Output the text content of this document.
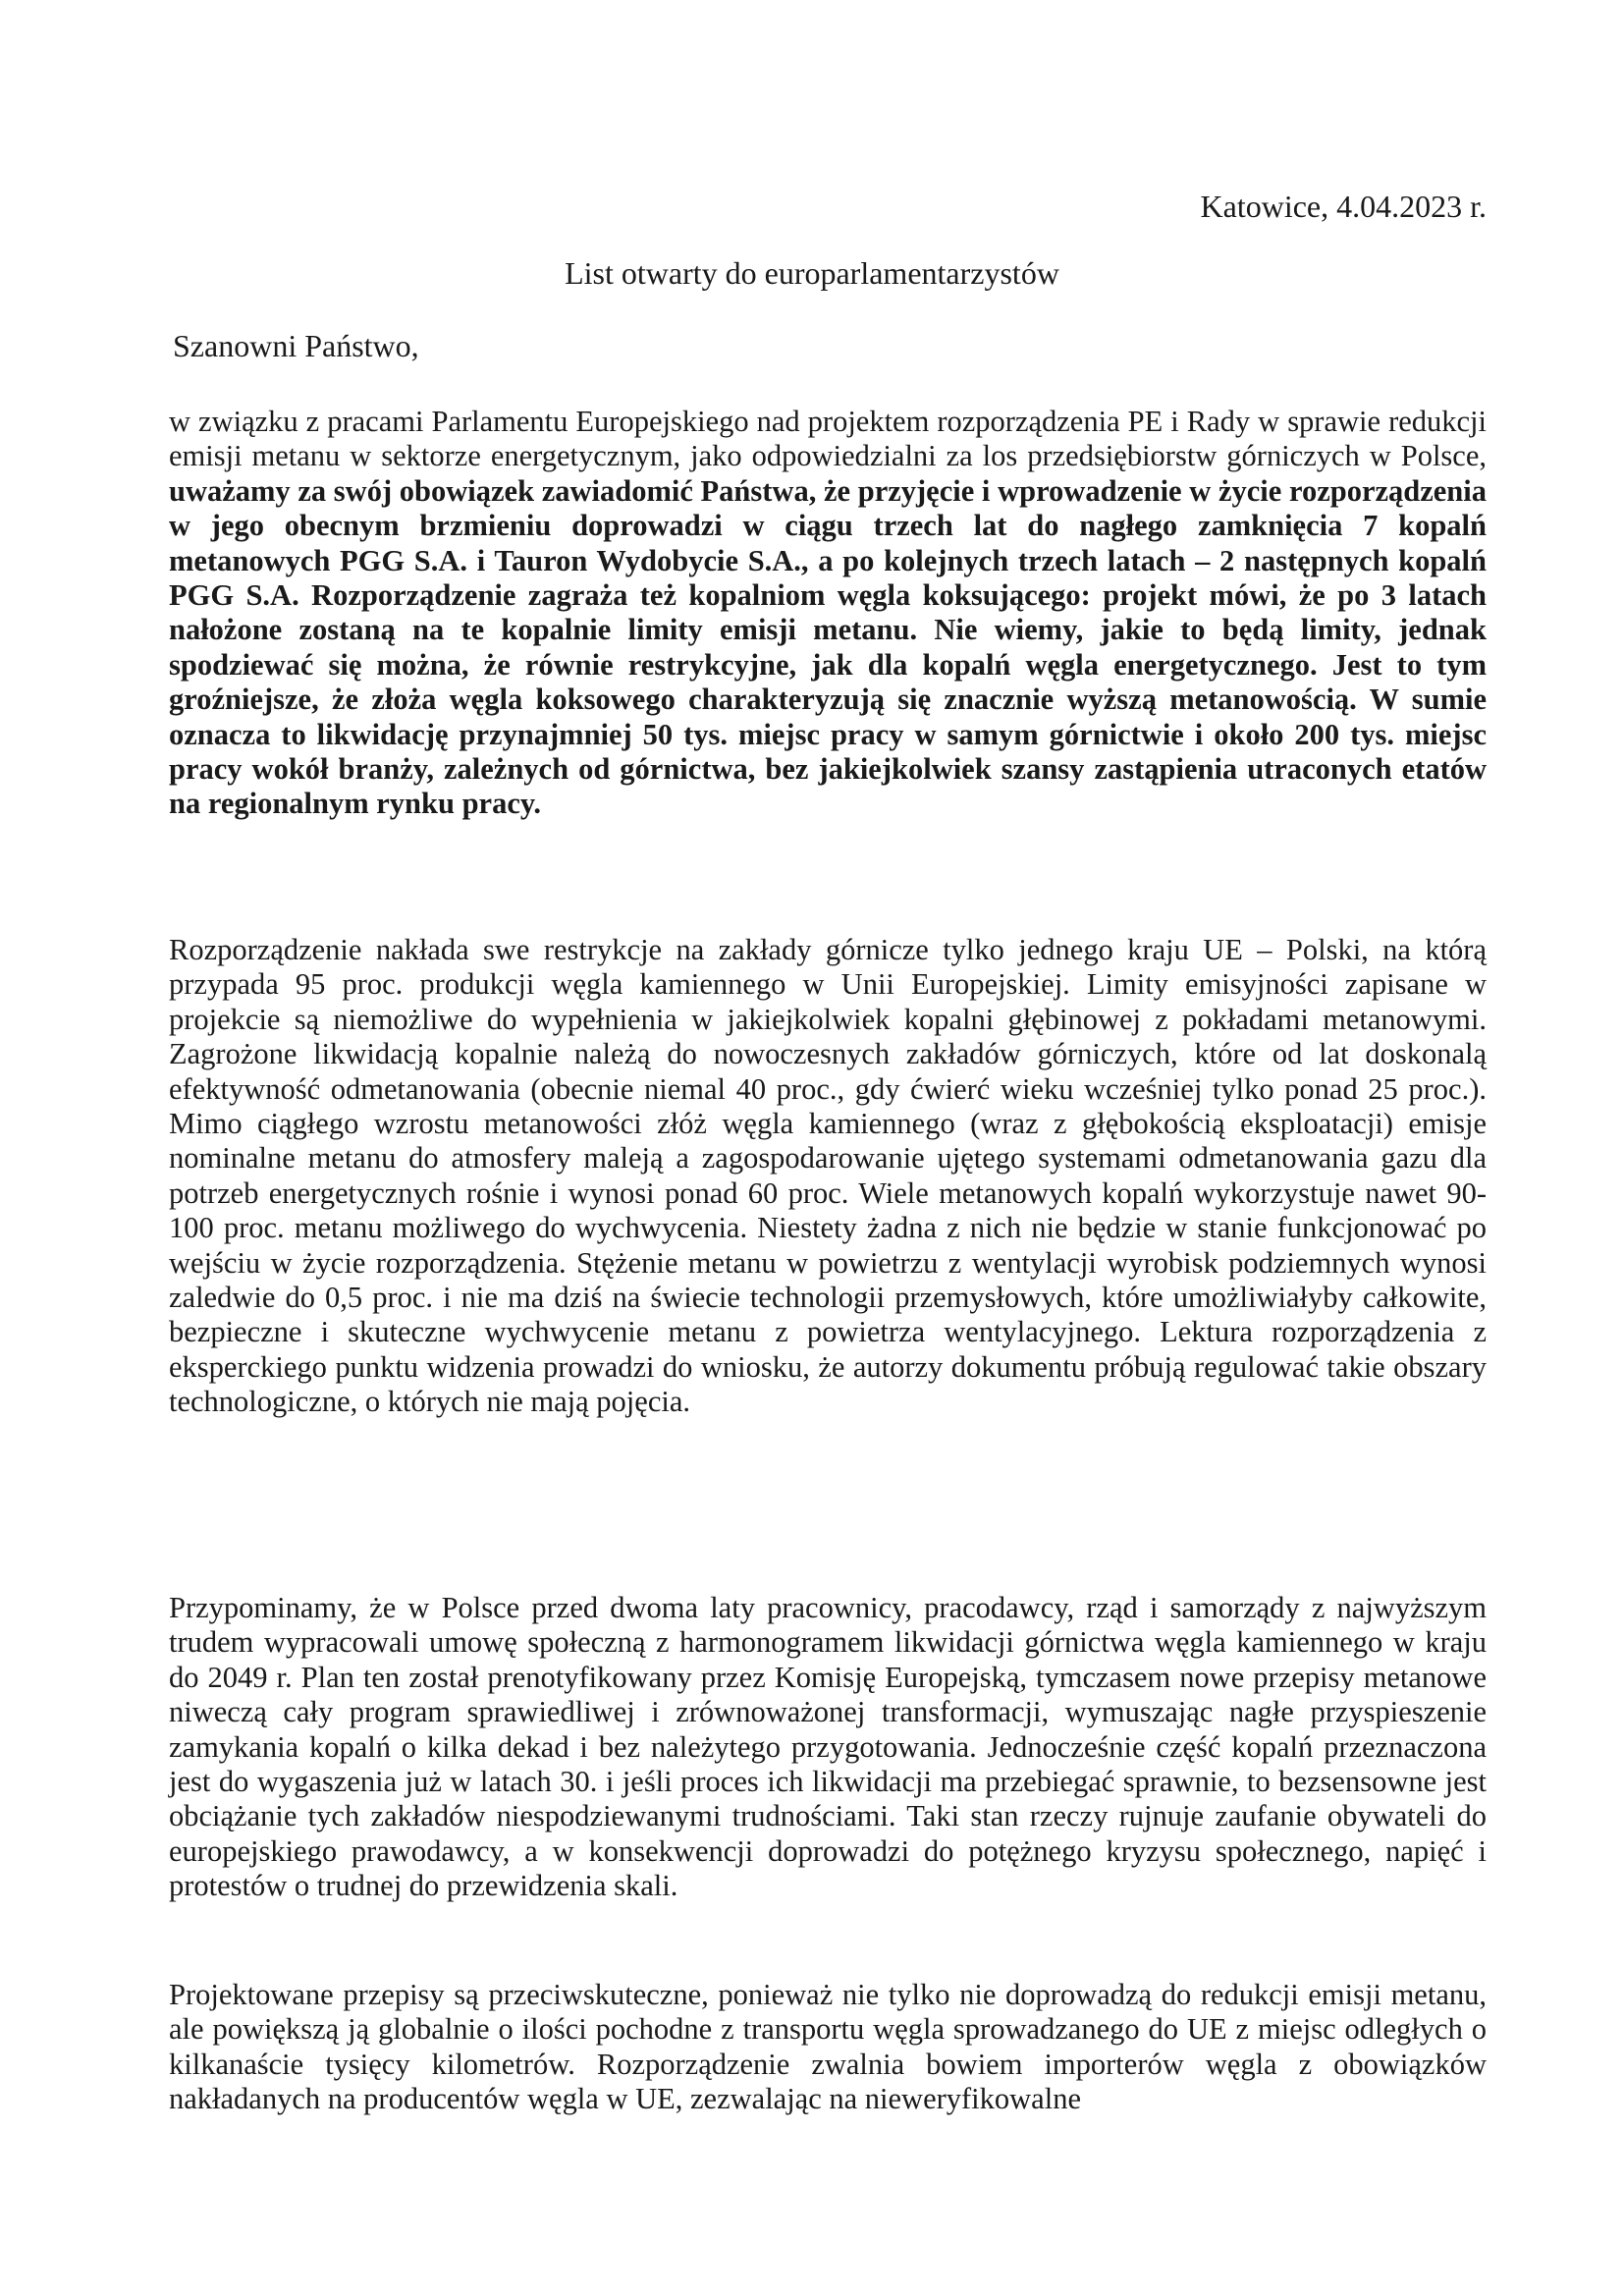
Katowice, 4.04.2023 r.
List otwarty do europarlamentarzystów
Szanowni Państwo,

w związku z pracami Parlamentu Europejskiego nad projektem rozporządzenia PE i Rady w sprawie redukcji emisji metanu w sektorze energetycznym, jako odpowiedzialni za los przedsiębiorstw górniczych w Polsce, uważamy za swój obowiązek zawiadomić Państwa, że przyjęcie i wprowadzenie w życie rozporządzenia w jego obecnym brzmieniu doprowadzi w ciągu trzech lat do nagłego zamknięcia 7 kopalń metanowych PGG S.A. i Tauron Wydobycie S.A., a po kolejnych trzech latach – 2 następnych kopalń PGG S.A. Rozporządzenie zagraża też kopalniom węgla koksującego: projekt mówi, że po 3 latach nałożone zostaną na te kopalnie limity emisji metanu. Nie wiemy, jakie to będą limity, jednak spodziewać się można, że równie restrykcyjne, jak dla kopalń węgla energetycznego. Jest to tym groźniejsze, że złoża węgla koksowego charakteryzują się znacznie wyższą metanowością. W sumie oznacza to likwidację przynajmniej 50 tys. miejsc pracy w samym górnictwie i około 200 tys. miejsc pracy wokół branży, zależnych od górnictwa, bez jakiejkolwiek szansy zastąpienia utraconych etatów na regionalnym rynku pracy.

Rozporządzenie nakłada swe restrykcje na zakłady górnicze tylko jednego kraju UE – Polski, na którą przypada 95 proc. produkcji węgla kamiennego w Unii Europejskiej. Limity emisyjności zapisane w projekcie są niemożliwe do wypełnienia w jakiejkolwiek kopalni głębinowej z pokładami metanowymi. Zagrożone likwidacją kopalnie należą do nowoczesnych zakładów górniczych, które od lat doskonalą efektywność odmetanowania (obecnie niemal 40 proc., gdy ćwierć wieku wcześniej tylko ponad 25 proc.). Mimo ciągłego wzrostu metanowości złóż węgla kamiennego (wraz z głębokością eksploatacji) emisje nominalne metanu do atmosfery maleją a zagospodarowanie ujętego systemami odmetanowania gazu dla potrzeb energetycznych rośnie i wynosi ponad 60 proc. Wiele metanowych kopalń wykorzystuje nawet 90-100 proc. metanu możliwego do wychwycenia. Niestety żadna z nich nie będzie w stanie funkcjonować po wejściu w życie rozporządzenia. Stężenie metanu w powietrzu z wentylacji wyrobisk podziemnych wynosi zaledwie do 0,5 proc. i nie ma dziś na świecie technologii przemysłowych, które umożliwiałyby całkowite, bezpieczne i skuteczne wychwycenie metanu z powietrza wentylacyjnego. Lektura rozporządzenia z eksperckiego punktu widzenia prowadzi do wniosku, że autorzy dokumentu próbują regulować takie obszary technologiczne, o których nie mają pojęcia.

Przypominamy, że w Polsce przed dwoma laty pracownicy, pracodawcy, rząd i samorządy z najwyższym trudem wypracowali umowę społeczną z harmonogramem likwidacji górnictwa węgla kamiennego w kraju do 2049 r. Plan ten został prenotyfikowany przez Komisję Europejską, tymczasem nowe przepisy metanowe niweczą cały program sprawiedliwej i zrównoważonej transformacji, wymuszając nagłe przyspieszenie zamykania kopalń o kilka dekad i bez należytego przygotowania. Jednocześnie część kopalń przeznaczona jest do wygaszenia już w latach 30. i jeśli proces ich likwidacji ma przebiegać sprawnie, to bezsensowne jest obciążanie tych zakładów niespodziewanymi trudnościami. Taki stan rzeczy rujnuje zaufanie obywateli do europejskiego prawodawcy, a w konsekwencji doprowadzi do potężnego kryzysu społecznego, napięć i protestów o trudnej do przewidzenia skali.

Projektowane przepisy są przeciwskuteczne, ponieważ nie tylko nie doprowadzą do redukcji emisji metanu, ale powiększą ją globalnie o ilości pochodne z transportu węgla sprowadzanego do UE z miejsc odległych o kilkanaście tysięcy kilometrów. Rozporządzenie zwalnia bowiem importerów węgla z obowiązków nakładanych na producentów węgla w UE, zezwalając na nieweryfikowalne
